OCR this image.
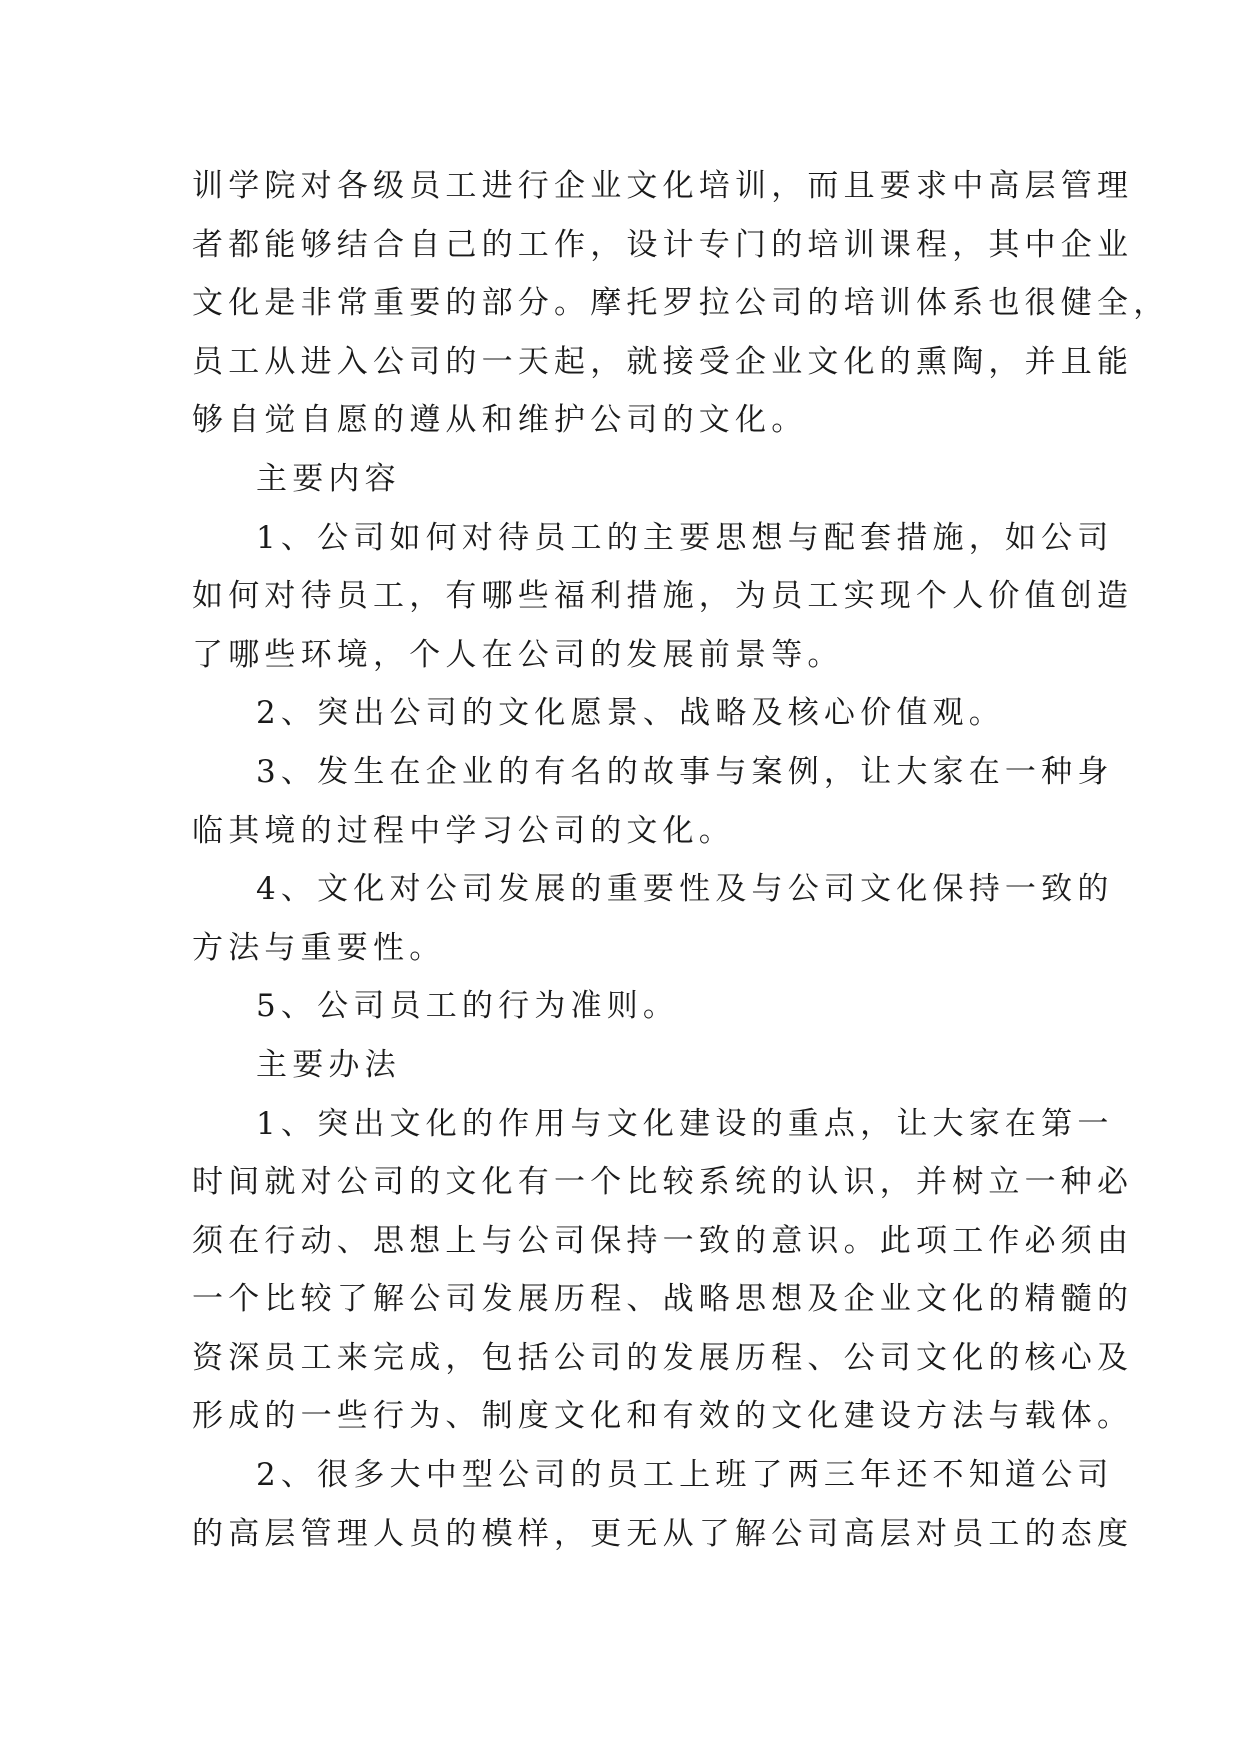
训学院对各级员工进行企业文化培训，而且要求中高层管理
者都能够结合自己的工作，设计专门的培训课程，其中企业
文化是非常重要的部分。摩托罗拉公司的培训体系也很健全，
员工从进入公司的一天起，就接受企业文化的熏陶，并且能
够自觉自愿的遵从和维护公司的文化。
主要内容
1、公司如何对待员工的主要思想与配套措施，如公司
如何对待员工，有哪些福利措施，为员工实现个人价值创造
了哪些环境，个人在公司的发展前景等。
2、突出公司的文化愿景、战略及核心价值观。
3、发生在企业的有名的故事与案例，让大家在一种身
临其境的过程中学习公司的文化。
4、文化对公司发展的重要性及与公司文化保持一致的
方法与重要性。
5、公司员工的行为准则。
主要办法
1、突出文化的作用与文化建设的重点，让大家在第一
时间就对公司的文化有一个比较系统的认识，并树立一种必
须在行动、思想上与公司保持一致的意识。此项工作必须由
一个比较了解公司发展历程、战略思想及企业文化的精髓的
资深员工来完成，包括公司的发展历程、公司文化的核心及
形成的一些行为、制度文化和有效的文化建设方法与载体。
2、很多大中型公司的员工上班了两三年还不知道公司
的高层管理人员的模样，更无从了解公司高层对员工的态度
